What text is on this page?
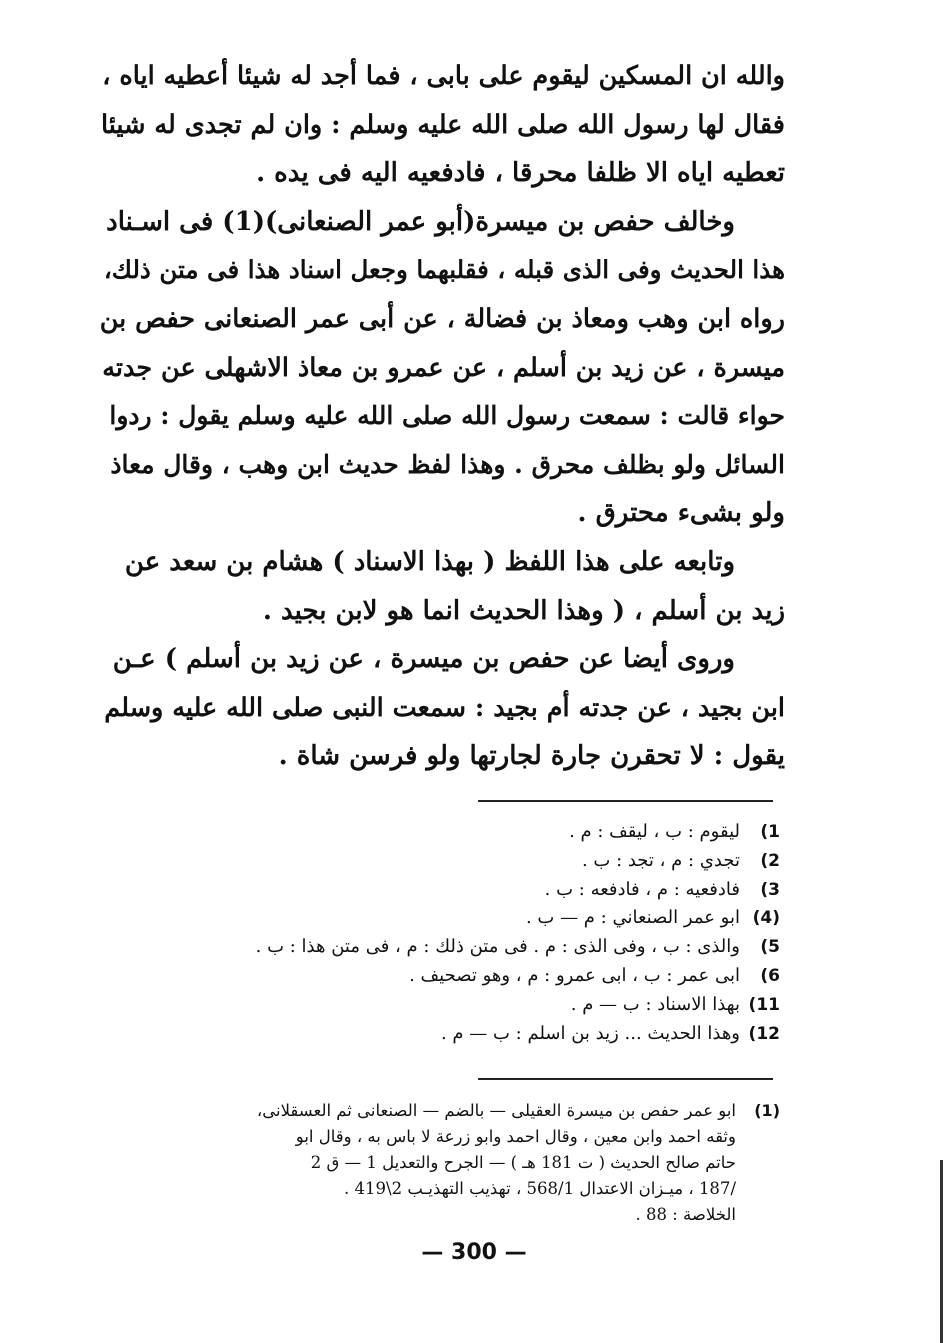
والله ان المسكين ليقوم على بابى ، فما أجد له شيئا أعطيه اياه ،
فقال لها رسول الله صلى الله عليه وسلم : وان لم تجدى له شيئا
تعطيه اياه الا ظلفا محرقا ، فادفعيه اليه فى يده .
وخالف حفص بن ميسرة(أبو عمر الصنعانى)(1) فى اسـناد
هذا الحديث وفى الذى قبله ، فقلبهما وجعل اسناد هذا فى متن ذلك،
رواه ابن وهب ومعاذ بن فضالة ، عن أبى عمر الصنعانى حفص بن
ميسرة ، عن زيد بن أسلم ، عن عمرو بن معاذ الاشهلى عن جدته
حواء قالت : سمعت رسول الله صلى الله عليه وسلم يقول : ردوا
السائل ولو بظلف محرق . وهذا لفظ حديث ابن وهب ، وقال معاذ
ولو بشىء محترق .
وتابعه على هذا اللفظ ( بهذا الاسناد ) هشام بن سعد عن
زيد بن أسلم ، ( وهذا الحديث انما هو لابن بجيد .
وروى أيضا عن حفص بن ميسرة ، عن زيد بن أسلم ) عـن
ابن بجيد ، عن جدته أم بجيد : سمعت النبى صلى الله عليه وسلم
يقول : لا تحقرن جارة لجارتها ولو فرسن شاة .
1)ليقوم : ب ، ليقف : م .
2)تجدي : م ، تجد : ب .
3)فادفعيه : م ، فادفعه : ب .
(4)ابو عمر الصنعاني : م — ب .
5)والذى : ب ، وفى الذى : م . فى متن ذلك : م ، فى متن هذا : ب .
6)ابى عمر : ب ، ابى عمرو : م ، وهو تصحيف .
11)بهذا الاسناد : ب — م .
12)وهذا الحديث ... زيد بن اسلم : ب — م .
(1)
ابو عمر حفص بن ميسرة العقيلى — بالضم — الصنعانى ثم العسقلانى،
وثقه احمد وابن معين ، وقال احمد وابو زرعة لا باس به ، وقال ابو
حاتم صالح الحديث ( ت 181 هـ ) — الجرح والتعديل 1 — ق 2
/187 ، ميـزان الاعتدال 568/1 ، تهذيب التهذيـب 2\419 .
الخلاصة : 88 .
— 300 —
